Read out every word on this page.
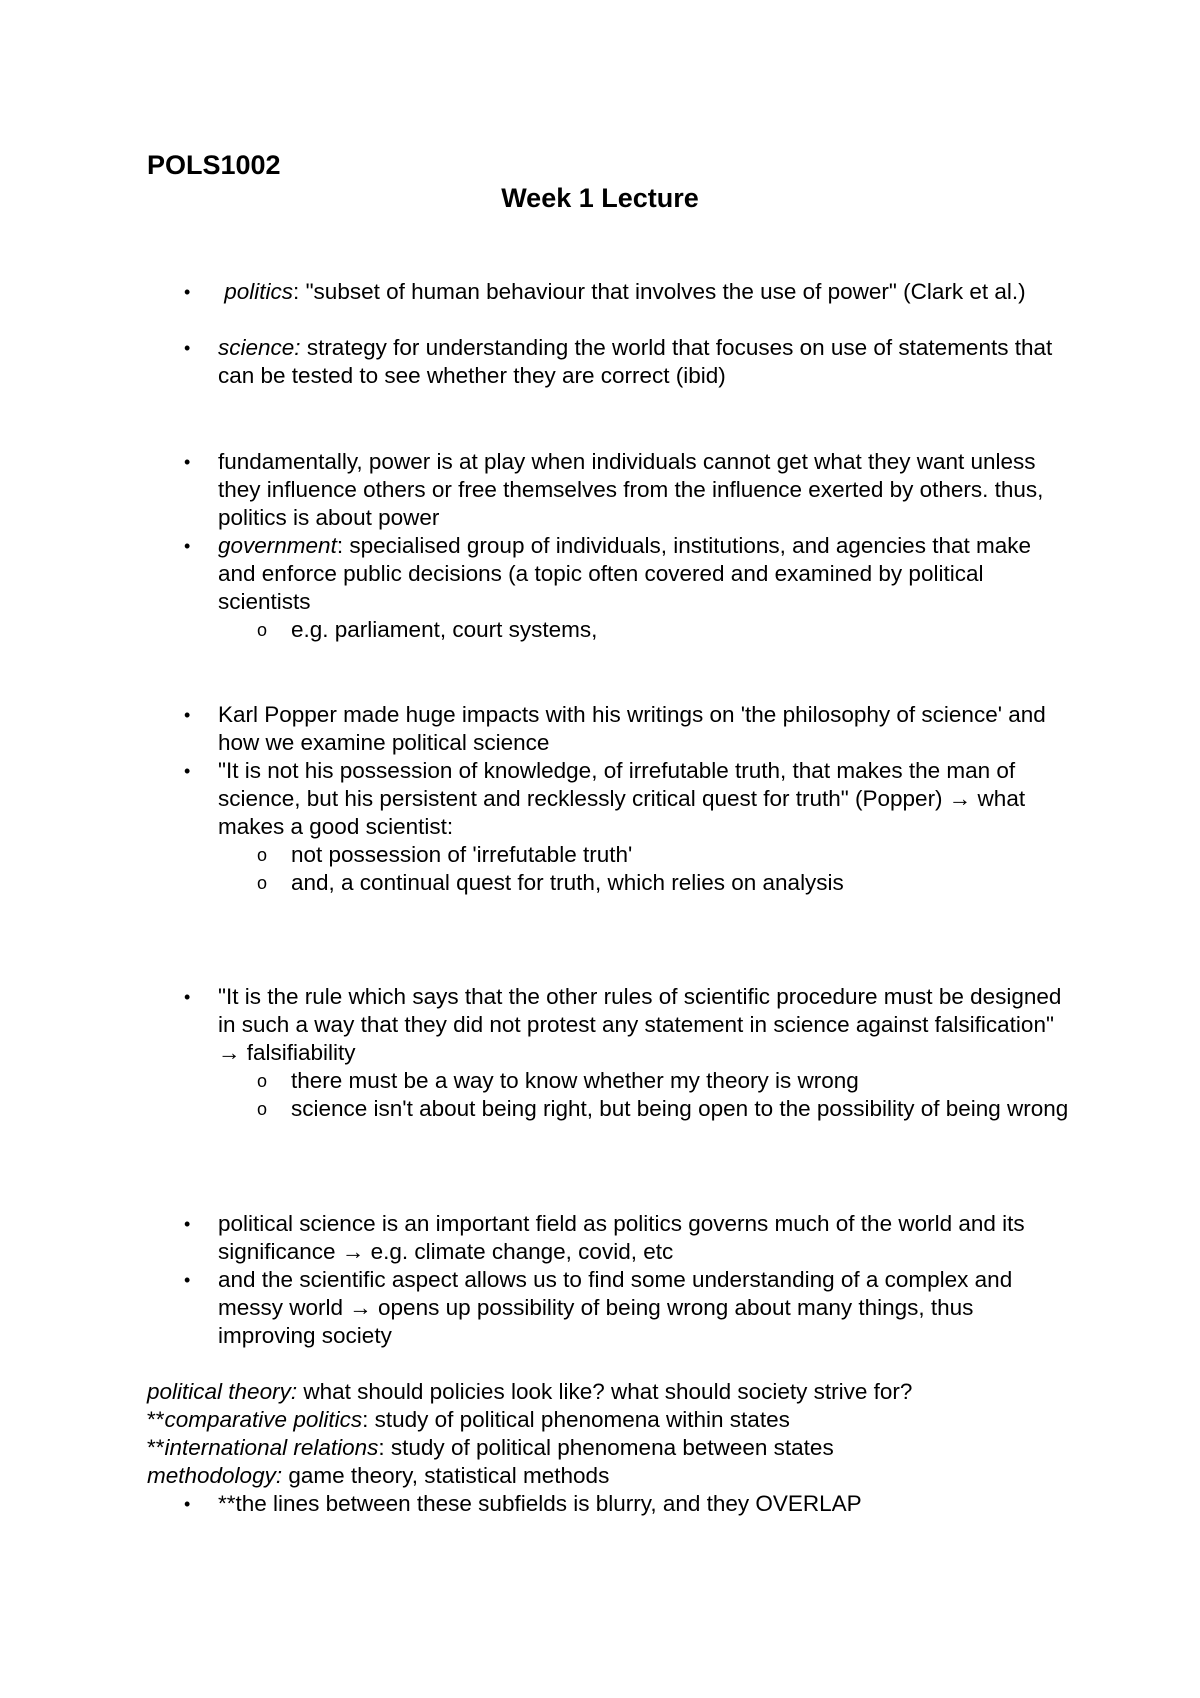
POLS1002

Week 1 Lecture

• politics: "subset of human behaviour that involves the use of power" (Clark et al.)
• science: strategy for understanding the world that focuses on use of statements that can be tested to see whether they are correct (ibid)
• fundamentally, power is at play when individuals cannot get what they want unless they influence others or free themselves from the influence exerted by others. thus, politics is about power
• government: specialised group of individuals, institutions, and agencies that make and enforce public decisions (a topic often covered and examined by political scientists
o e.g. parliament, court systems,
• Karl Popper made huge impacts with his writings on 'the philosophy of science' and how we examine political science
• "It is not his possession of knowledge, of irrefutable truth, that makes the man of science, but his persistent and recklessly critical quest for truth" (Popper) → what makes a good scientist:
o not possession of 'irrefutable truth'
o and, a continual quest for truth, which relies on analysis
• "It is the rule which says that the other rules of scientific procedure must be designed in such a way that they did not protest any statement in science against falsification" → falsifiability
o there must be a way to know whether my theory is wrong
o science isn't about being right, but being open to the possibility of being wrong
• political science is an important field as politics governs much of the world and its significance → e.g. climate change, covid, etc
• and the scientific aspect allows us to find some understanding of a complex and messy world → opens up possibility of being wrong about many things, thus improving society
political theory: what should policies look like? what should society strive for?
**comparative politics: study of political phenomena within states
**international relations: study of political phenomena between states
methodology: game theory, statistical methods
• **the lines between these subfields is blurry, and they OVERLAP
